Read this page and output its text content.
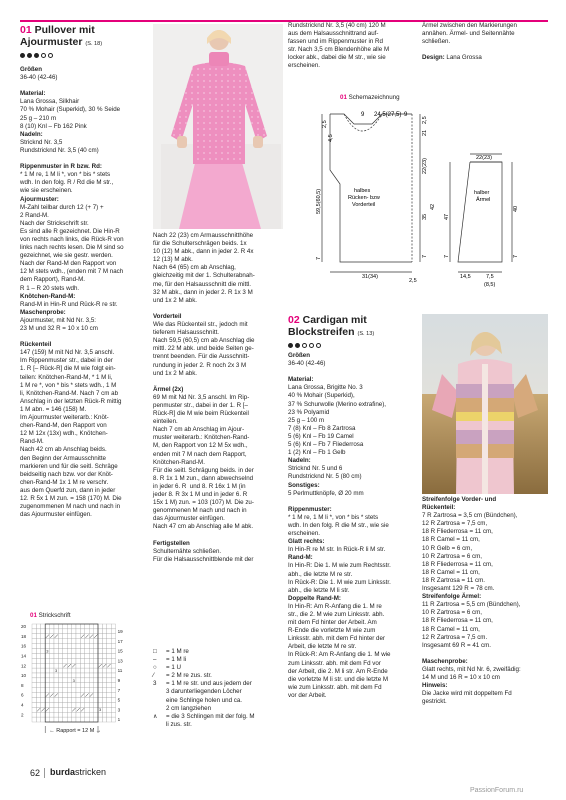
01 Pullover mit
Ajourmuster (S. 18)

Größen

36-40 (42-46)

Material:

Lana Grossa, Silkhair

70 % Mohair (Superkid), 30 % Seide

25 g – 210 m

8 (10) Knl – Fb 162 Pink

Nadeln:

Stricknd Nr. 3,5

Rundstricknd Nr. 3,5 (40 cm)

Rippenmuster in R bzw. Rd:

* 1 M re, 1 M li *, von * bis * stets

wdh. In den folg. R / Rd die M str.,

wie sie erscheinen.

Ajourmuster:

M-Zahl teilbar durch 12 (+ 7) +

2 Rand-M.

Nach der Strickschrift str.

Es sind alle R gezeichnet. Die Hin-R

von rechts nach links, die Rück-R von

links nach rechts lesen. Die M sind so

gezeichnet, wie sie gestr. werden.

Nach der Rand-M den Rapport von

12 M stets wdh., (enden mit 7 M nach

dem Rapport), Rand-M.

R 1 – R 20 stets wdh.

Knötchen-Rand-M:

Rand-M in Hin-R und Rück-R re str.

Maschenprobe:

Ajourmuster, mit Nd Nr. 3,5:

23 M und 32 R = 10 x 10 cm

Rückenteil

147 (159) M mit Nd Nr. 3,5 anschl.

Im Rippenmuster str., dabei in der

1. R [– Rück-R] die M wie folgt ein-

teilen: Knötchen-Rand-M, * 1 M li,

1 M re *, von * bis * stets wdh., 1 M

li, Knötchen-Rand-M. Nach 7 cm ab

Anschlag in der letzten Rück-R mittig

1 M abn. = 146 (158) M.

Im Ajourmuster weiterarb.: Knöt-

chen-Rand-M, den Rapport von

12 M 12x (13x) wdh., Knötchen-

Rand-M.

Nach 42 cm ab Anschlag beids.

den Beginn der Armausschnitte

markieren und für die seitl. Schräge

beidseitig nach bzw. vor der Knöt-

chen-Rand-M 1x 1 M re verschr.

aus dem Querfd zun, dann in jeder

12. R 5x 1 M zun. = 158 (170) M. Die

zugenommenen M nach und nach in

das Ajourmuster einfügen.

Nach 22 (23) cm Armausschnitthöhe

für die Schulterschrägen beids. 1x

10 (12) M abk., dann in jeder 2. R 4x

12 (13) M abk.

Nach 64 (65) cm ab Anschlag,

gleichzeitig mit der 1. Schulterabnah-

me, für den Halsausschnitt die mittl.

32 M abk., dann in jeder 2. R 1x 3 M

und 1x 2 M abk.

Vorderteil

Wie das Rückenteil str., jedoch mit

tieferem Halsausschnitt.

Nach 59,5 (60,5) cm ab Anschlag die

mittl. 22 M abk. und beide Seiten ge-

trennt beenden. Für die Ausschnitt-

rundung in jeder 2. R noch 2x 3 M

und 1x 2 M abk.

Ärmel (2x)

69 M mit Nd Nr. 3,5 anschl. Im Rip-

penmuster str., dabei in der 1. R [–

Rück-R] die M wie beim Rückenteil

einteilen.

Nach 7 cm ab Anschlag im Ajour-

muster weiterarb.: Knötchen-Rand-

M, den Rapport von 12 M 5x wdh.,

enden mit 7 M nach dem Rapport,

Knötchen-Rand-M.

Für die seitl. Schrägung beids. in der

8. R 1x 1 M zun., dann abwechselnd

in jeder 6. R  und 8. R 16x 1 M (in

jeder 8. R 3x 1 M und in jeder 6. R

15x 1 M) zun. = 103 (107) M. Die zu-

genommenen M nach und nach in

das Ajourmuster einfügen.

Nach 47 cm ab Anschlag alle M abk.

Fertigstellen

Schulternähte schließen.

Für die Halsausschnittblende mit der

Rundstricknd Nr. 3,5 (40 cm) 120 M

aus dem Halsausschnittrand auf-

fassen und im Rippenmuster in Rd

str. Nach 3,5 cm Blendenhöhe alle M

locker abk., dabei die M str., wie sie

erscheinen.

Ärmel zwischen den Markierungen

annähen. Ärmel- und Seitennähte

schließen.

Design: Lana Grossa

01 Schemazeichnung
9 24,5(27,5) 9
2,5
4,5
59,5(60,5)
7
2,5
21
22(23)
35
7
42
halbes
Rücken- bzw
Vorderteil
31(34)
2,5
22(23)
47
40
7
7
halber
Ärmel
14,5	7,5
(8,5)
01 Strickschrift
3
3
3
3
20
18
16
14
12
10
8
6
4
2
19
17
15
13
11
9
7
5
3
1
← Rapport = 12 M →
□	= 1 M re
–	= 1 M li
○	= 1 U
⁄	= 2 M re zus. str.
3	= 1 M re str. und aus jedem der
3 darunterliegenden Löcher
eine Schlinge holen und ca.
2 cm langziehen
∧	= die 3 Schlingen mit der folg. M
li zus. str.
02 Cardigan mit
Blockstreifen (S. 13)

Größen

36-40 (42-46)

Material:

Lana Grossa, Brigitte No. 3

40 % Mohair (Superkid),

37 % Schurwolle (Merino extrafine),

23 % Polyamid

25 g – 100 m

7 (8) Knl – Fb 8 Zartrosa

5 (6) Knl – Fb 19 Camel

5 (6) Knl – Fb 7 Fliederrosa

1 (2) Knl – Fb 1 Gelb

Nadeln:

Stricknd Nr. 5 und 6

Rundstricknd Nr. 5 (80 cm)

Sonstiges:

5 Perlmuttknöpfe, Ø 20 mm

Rippenmuster:

* 1 M re, 1 M li *, von * bis * stets

wdh. In den folg. R die M str., wie sie

erscheinen.

Glatt rechts:

In Hin-R re M str. In Rück-R li M str.

Rand-M:

In Hin-R: Die 1. M wie zum Rechtsstr.

abh., die letzte M re str.

In Rück-R: Die 1. M wie zum Linksstr.

abh., die letzte M li str.

Doppelte Rand-M:

In Hin-R: Am R-Anfang die 1. M re

str., die 2. M wie zum Linksstr. abh.

mit dem Fd hinter der Arbeit. Am

R-Ende die vorletzte M wie zum

Linksstr. abh. mit dem Fd hinter der

Arbeit, die letzte M re str.

In Rück-R: Am R-Anfang die 1. M wie

zum Linksstr. abh. mit dem Fd vor

der Arbeit, die 2. M li str. Am R-Ende

die vorletzte M li str. und die letzte M

wie zum Linksstr. abh. mit dem Fd

vor der Arbeit.

Streifenfolge Vorder- und

Rückenteil:

7 R Zartrosa = 3,5 cm (Bündchen),

12 R Zartrosa = 7,5 cm,

18 R Fliederrosa = 11 cm,

18 R Camel = 11 cm,

10 R Gelb = 6 cm,

10 R Zartrosa = 6 cm,

18 R Fliederrosa = 11 cm,

18 R Camel = 11 cm,

18 R Zartrosa = 11 cm.

Insgesamt 129 R = 78 cm.

Streifenfolge Ärmel:

11 R Zartrosa = 5,5 cm (Bündchen),

10 R Zartrosa = 6 cm,

18 R Fliederrosa = 11 cm,

18 R Camel = 11 cm,

12 R Zartrosa = 7,5 cm.

Insgesamt 69 R = 41 cm.

Maschenprobe:

Glatt rechts, mit Nd Nr. 6, zweifädig:

14 M und 16 R = 10 x 10 cm

Hinweis:

Die Jacke wird mit doppeltem Fd

gestrickt.

62 burdastricken
PassionForum.ru
